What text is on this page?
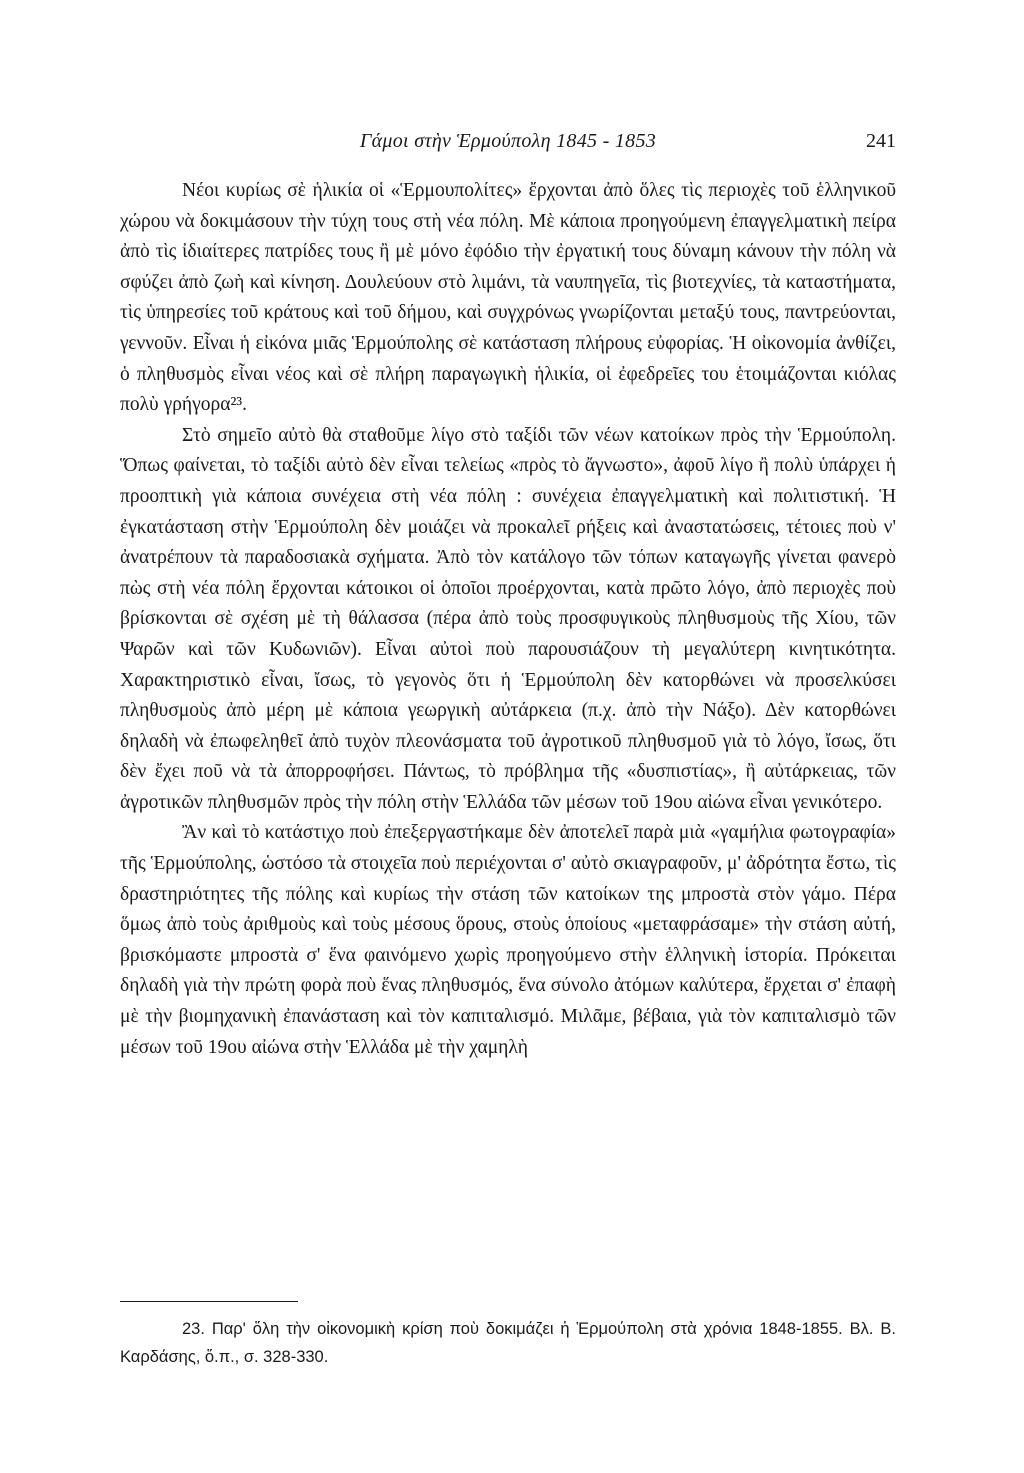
Γάμοι στὴν Ἑρμούπολη 1845 - 1853	241

Νέοι κυρίως σὲ ἡλικία οἱ «Ἑρμουπολίτες» ἔρχονται ἀπὸ ὅλες τὶς περιοχὲς τοῦ ἑλληνικοῦ χώρου νὰ δοκιμάσουν τὴν τύχη τους στὴ νέα πόλη. Μὲ κάποια προηγούμενη ἐπαγγελματικὴ πείρα ἀπὸ τὶς ἰδιαίτερες πατρίδες τους ἢ μὲ μόνο ἐφόδιο τὴν ἐργατική τους δύναμη κάνουν τὴν πόλη νὰ σφύζει ἀπὸ ζωὴ καὶ κίνηση. Δουλεύουν στὸ λιμάνι, τὰ ναυπηγεῖα, τὶς βιοτεχνίες, τὰ καταστήματα, τὶς ὑπηρεσίες τοῦ κράτους καὶ τοῦ δήμου, καὶ συγχρόνως γνωρίζονται μεταξύ τους, παντρεύονται, γεννοῦν. Εἶναι ἡ εἰκόνα μιᾶς Ἑρμούπολης σὲ κατάσταση πλήρους εὐφορίας. Ἡ οἰκονομία ἀνθίζει, ὁ πληθυσμὸς εἶναι νέος καὶ σὲ πλήρη παραγωγικὴ ἡλικία, οἱ ἐφεδρεῖες του ἑτοιμάζονται κιόλας πολὺ γρήγορα²³.

Στὸ σημεῖο αὐτὸ θὰ σταθοῦμε λίγο στὸ ταξίδι τῶν νέων κατοίκων πρὸς τὴν Ἑρμούπολη. Ὅπως φαίνεται, τὸ ταξίδι αὐτὸ δὲν εἶναι τελείως «πρὸς τὸ ἄγνωστο», ἀφοῦ λίγο ἢ πολὺ ὑπάρχει ἡ προοπτικὴ γιὰ κάποια συνέχεια στὴ νέα πόλη : συνέχεια ἐπαγγελματικὴ καὶ πολιτιστική. Ἡ ἐγκατάσταση στὴν Ἑρμούπολη δὲν μοιάζει νὰ προκαλεῖ ρήξεις καὶ ἀναστατώσεις, τέτοιες ποὺ ν' ἀνατρέπουν τὰ παραδοσιακὰ σχήματα. Ἀπὸ τὸν κατάλογο τῶν τόπων καταγωγῆς γίνεται φανερὸ πὼς στὴ νέα πόλη ἔρχονται κάτοικοι οἱ ὁποῖοι προέρχονται, κατὰ πρῶτο λόγο, ἀπὸ περιοχὲς ποὺ βρίσκονται σὲ σχέση μὲ τὴ θάλασσα (πέρα ἀπὸ τοὺς προσφυγικοὺς πληθυσμοὺς τῆς Χίου, τῶν Ψαρῶν καὶ τῶν Κυδωνιῶν). Εἶναι αὐτοὶ ποὺ παρουσιάζουν τὴ μεγαλύτερη κινητικότητα. Χαρακτηριστικὸ εἶναι, ἴσως, τὸ γεγονὸς ὅτι ἡ Ἑρμούπολη δὲν κατορθώνει νὰ προσελκύσει πληθυσμοὺς ἀπὸ μέρη μὲ κάποια γεωργικὴ αὐτάρκεια (π.χ. ἀπὸ τὴν Νάξο). Δὲν κατορθώνει δηλαδὴ νὰ ἐπωφεληθεῖ ἀπὸ τυχὸν πλεονάσματα τοῦ ἀγροτικοῦ πληθυσμοῦ γιὰ τὸ λόγο, ἴσως, ὅτι δὲν ἔχει ποῦ νὰ τὰ ἀπορροφήσει. Πάντως, τὸ πρόβλημα τῆς «δυσπιστίας», ἢ αὐτάρκειας, τῶν ἀγροτικῶν πληθυσμῶν πρὸς τὴν πόλη στὴν Ἑλλάδα τῶν μέσων τοῦ 19ου αἰώνα εἶναι γενικότερο.

Ἂν καὶ τὸ κατάστιχο ποὺ ἐπεξεργαστήκαμε δὲν ἀποτελεῖ παρὰ μιὰ «γαμήλια φωτογραφία» τῆς Ἑρμούπολης, ὡστόσο τὰ στοιχεῖα ποὺ περιέχονται σ' αὐτὸ σκιαγραφοῦν, μ' ἀδρότητα ἔστω, τὶς δραστηριότητες τῆς πόλης καὶ κυρίως τὴν στάση τῶν κατοίκων της μπροστὰ στὸν γάμο. Πέρα ὅμως ἀπὸ τοὺς ἀριθμοὺς καὶ τοὺς μέσους ὅρους, στοὺς ὁποίους «μεταφράσαμε» τὴν στάση αὐτή, βρισκόμαστε μπροστὰ σ' ἕνα φαινόμενο χωρὶς προηγούμενο στὴν ἑλληνικὴ ἱστορία. Πρόκειται δηλαδὴ γιὰ τὴν πρώτη φορὰ ποὺ ἕνας πληθυσμός, ἕνα σύνολο ἀτόμων καλύτερα, ἔρχεται σ' ἐπαφὴ μὲ τὴν βιομηχανικὴ ἐπανάσταση καὶ τὸν καπιταλισμό. Μιλᾶμε, βέβαια, γιὰ τὸν καπιταλισμὸ τῶν μέσων τοῦ 19ου αἰώνα στὴν Ἑλλάδα μὲ τὴν χαμηλὴ

23. Παρ' ὅλη τὴν οἰκονομικὴ κρίση ποὺ δοκιμάζει ἡ Ἑρμούπολη στὰ χρόνια 1848-1855. Βλ. Β. Καρδάσης, ὅ.π., σ. 328-330.
